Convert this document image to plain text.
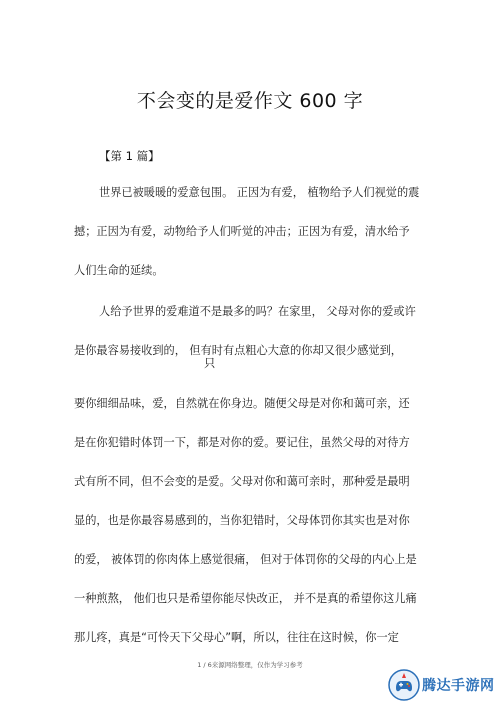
不会变的是爱作文 600 字
【第 1 篇】
世界已被暖暖的爱意包围。 正因为有爱， 植物给予人们视觉的震
撼；正因为有爱，动物给予人们听觉的冲击；正因为有爱，清水给予
人们生命的延续。
人给予世界的爱难道不是最多的吗？在家里， 父母对你的爱或许
是你最容易接收到的， 但有时有点粗心大意的你却又很少感觉到，
只
要你细细品味，爱，自然就在你身边。随便父母是对你和蔼可亲，还
是在你犯错时体罚一下，都是对你的爱。要记住，虽然父母的对待方
式有所不同，但不会变的是爱。父母对你和蔼可亲时，那种爱是最明
显的，也是你最容易感到的，当你犯错时，父母体罚你其实也是对你
的爱， 被体罚的你肉体上感觉很痛， 但对于体罚你的父母的内心上是
一种煎熬， 他们也只是希望你能尽快改正， 并不是真的希望你这儿痛
那儿疼，真是“可怜天下父母心”啊，所以，往往在这时候，你一定
1 / 6来源网络整理，仅作为学习参考
腾达手游网
